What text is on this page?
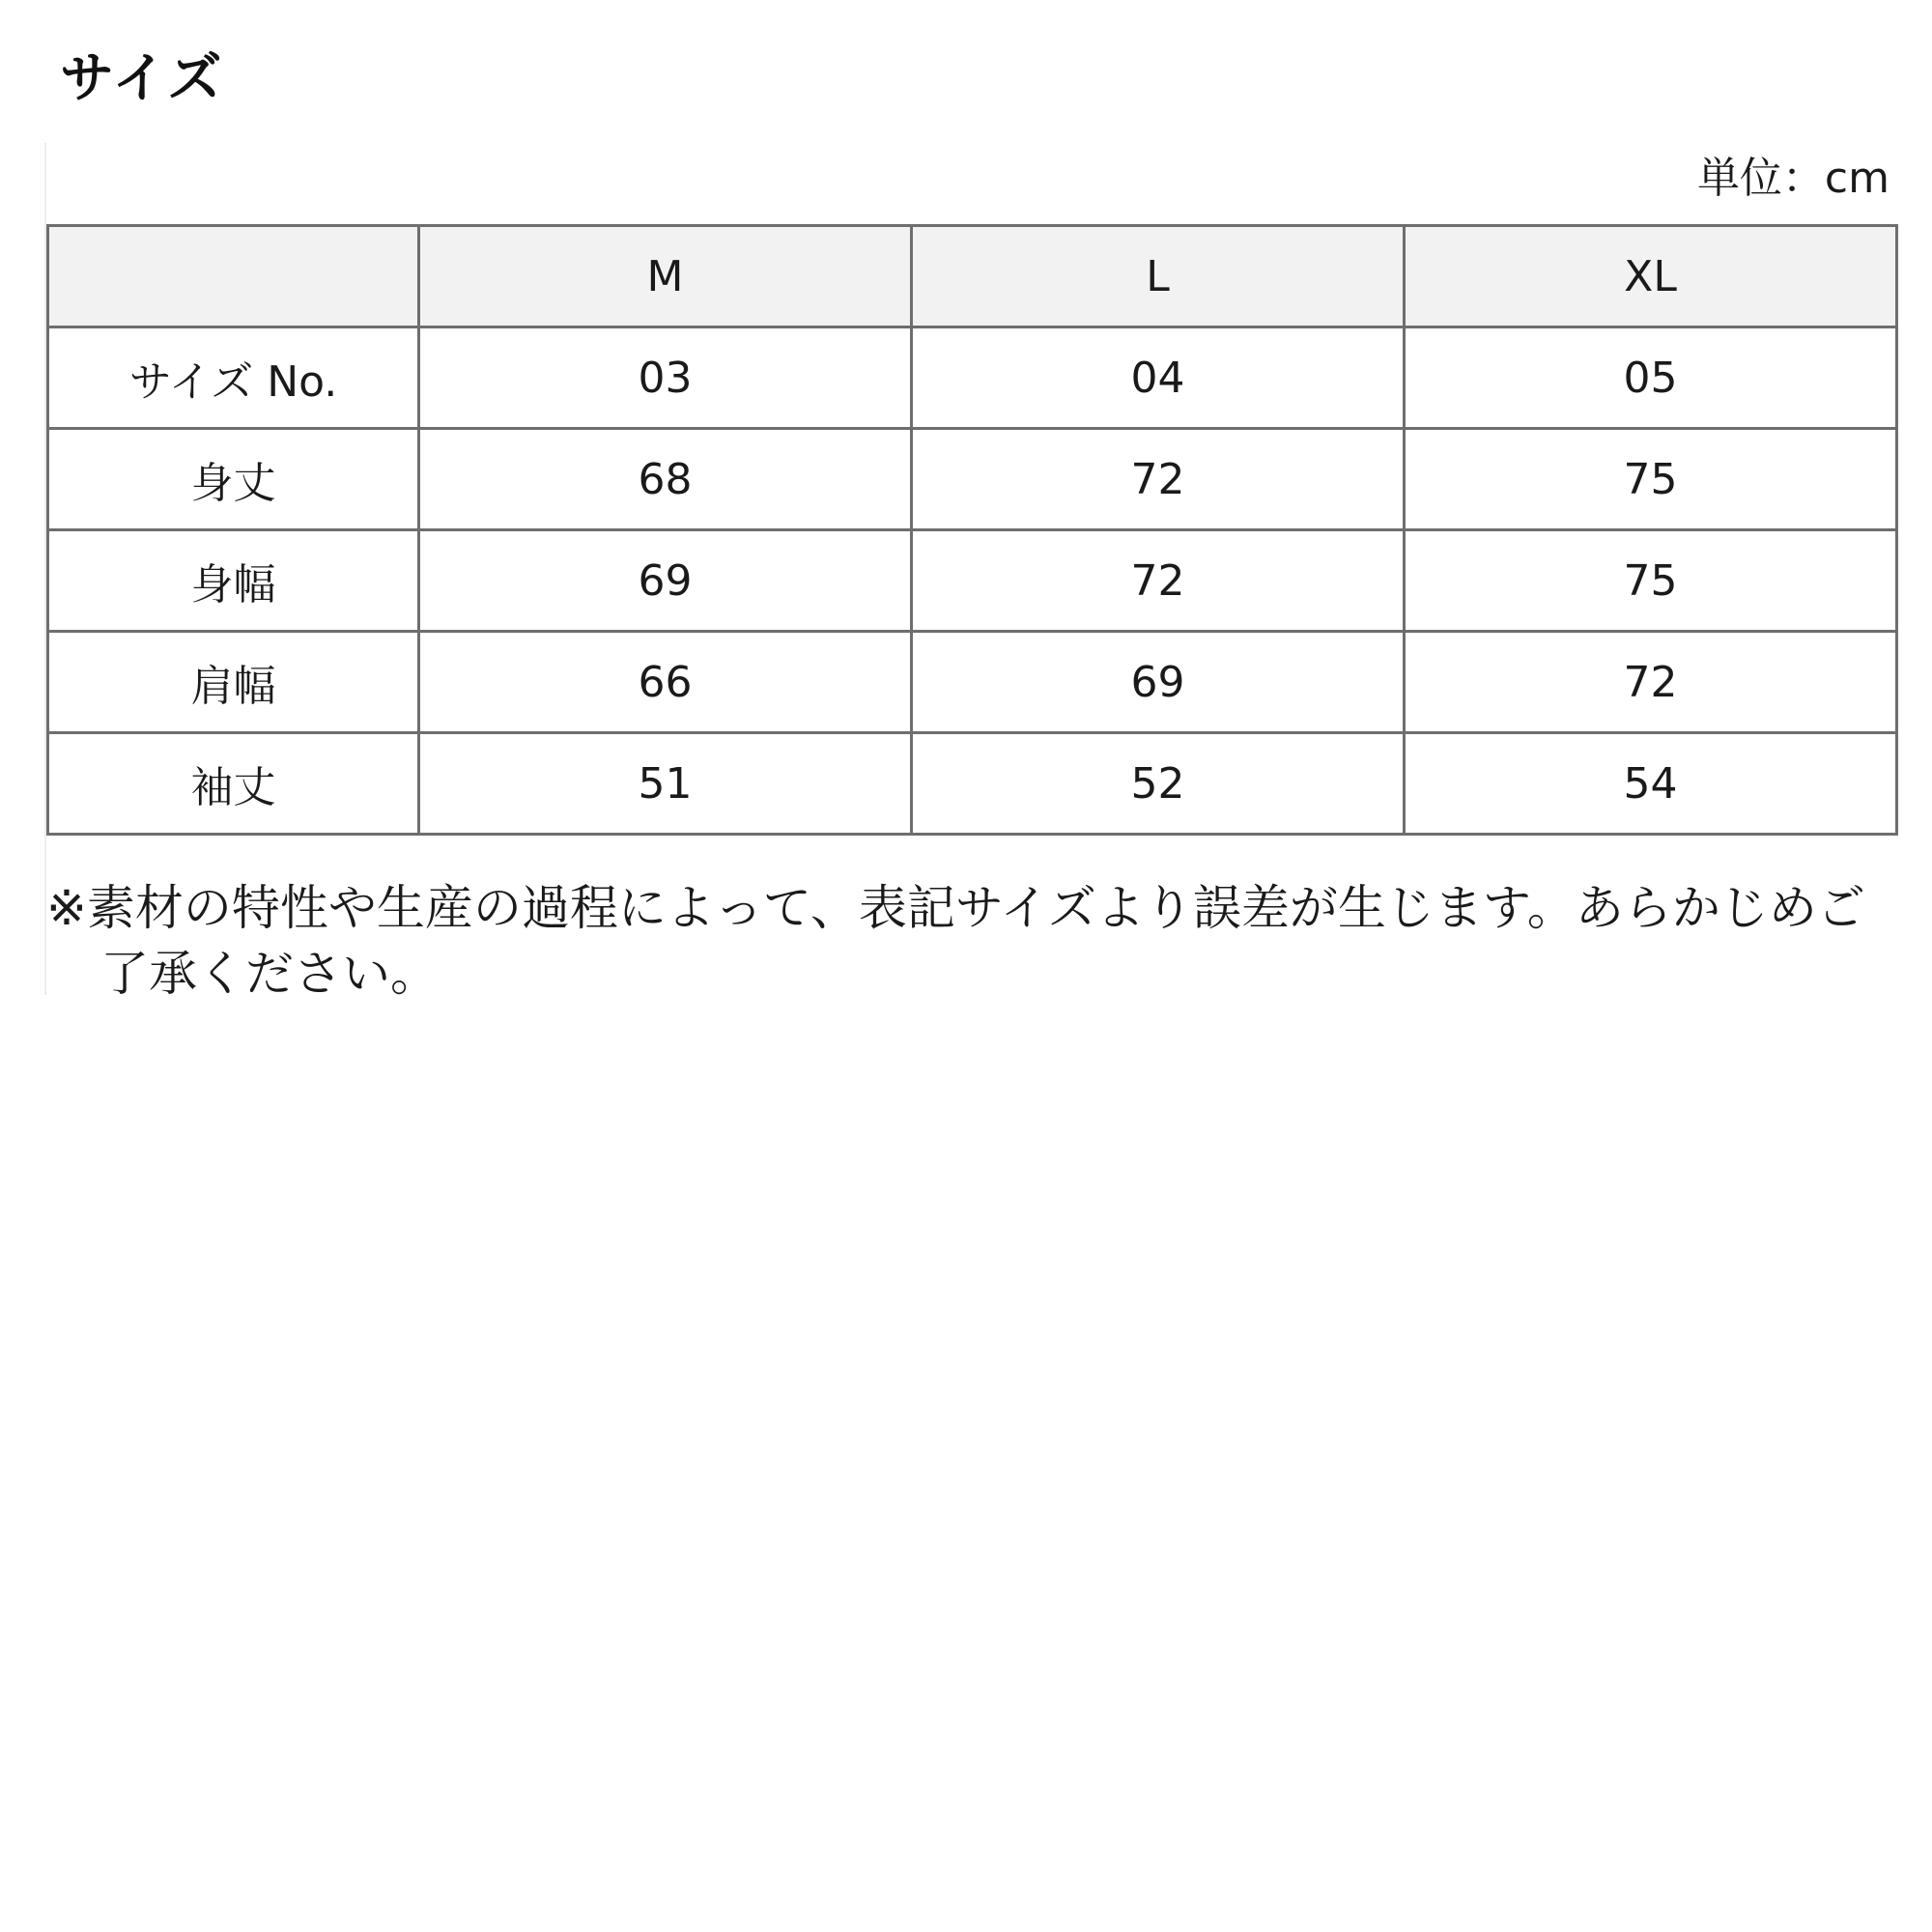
サイズ
単位：cm
	M	L	XL
サイズ No.	03	04	05
身丈	68	72	75
身幅	69	72	75
肩幅	66	69	72
袖丈	51	52	54
※素材の特性や生産の過程によって、表記サイズより誤差が生じます。あらかじめご了承ください。
